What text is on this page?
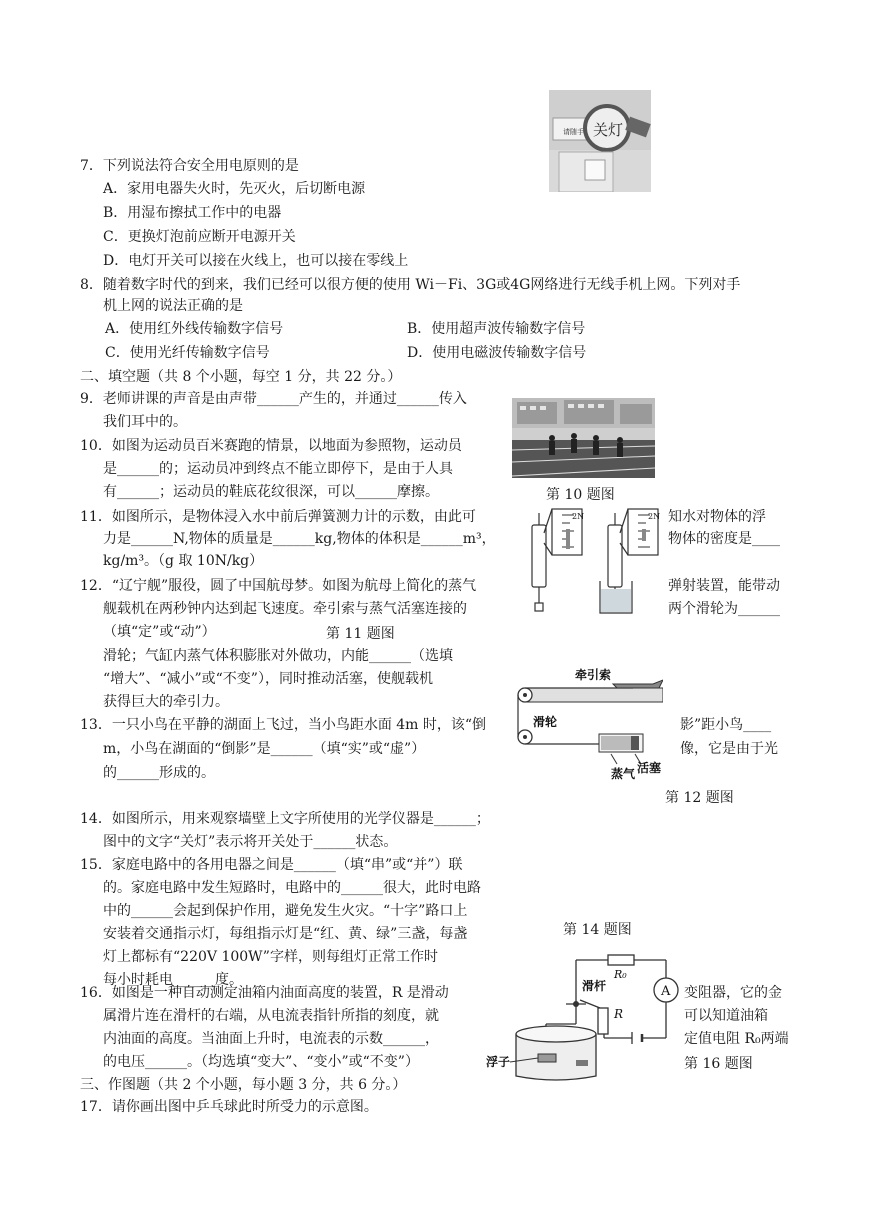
请随手 关灯
7．下列说法符合安全用电原则的是
A．家用电器失火时，先灭火，后切断电源
B．用湿布擦拭工作中的电器
C．更换灯泡前应断开电源开关
D．电灯开关可以接在火线上，也可以接在零线上
8．随着数字时代的到来，我们已经可以很方便的使用 Wi－Fi、3G或4G网络进行无线手机上网。下列对手
机上网的说法正确的是
A．使用红外线传输数字信号	B．使用超声波传输数字信号
C．使用光纤传输数字信号	D．使用电磁波传输数字信号
二、填空题（共 8 个小题，每空 1 分，共 22 分。）
9．老师讲课的声音是由声带______产生的，并通过______传入
我们耳中的。
10．如图为运动员百米赛跑的情景，以地面为参照物，运动员
是______的；运动员冲到终点不能立即停下，是由于人具
有______；运动员的鞋底花纹很深，可以______摩擦。	第 10 题图
11．如图所示，是物体浸入水中前后弹簧测力计的示数，由此可	知水对物体的浮
力是______N,物体的质量是______kg,物体的体积是______m³，	物体的密度是____
kg/m³。（g 取 10N/kg）
2N	2N
12．“辽宁舰”服役，圆了中国航母梦。如图为航母上简化的蒸气	弹射装置，能带动
舰载机在两秒钟内达到起飞速度。牵引索与蒸气活塞连接的	两个滑轮为______
（填“定”或“动”）	第 11 题图
滑轮；气缸内蒸气体积膨胀对外做功，内能______（选填
“增大”、“减小”或“不变”），同时推动活塞，使舰载机
获得巨大的牵引力。
牵引索
滑轮
蒸气 活塞
13．一只小鸟在平静的湖面上飞过，当小鸟距水面 4m 时，该“倒	影”距小鸟____
m，小鸟在湖面的“倒影”是______（填“实”或“虚”）	像，它是由于光
的______形成的。
第 12 题图
14．如图所示，用来观察墙壁上文字所使用的光学仪器是______；
图中的文字“关灯”表示将开关处于______状态。
15．家庭电路中的各用电器之间是______（填“串”或“并”）联
的。家庭电路中发生短路时，电路中的______很大，此时电路
中的______会起到保护作用，避免发生火灾。“十字”路口上
安装着交通指示灯，每组指示灯是“红、黄、绿”三盏，每盏	第 14 题图
灯上都标有“220V 100W”字样，则每组灯正常工作时
每小时耗电______度。	R₀
A
R
滑杆
浮子
16．如图是一种自动测定油箱内油面高度的装置，R 是滑动	变阻器，它的金
属滑片连在滑杆的右端，从电流表指针所指的刻度，就	可以知道油箱
内油面的高度。当油面上升时，电流表的示数______，	定值电阻 R₀两端
的电压______。（均选填“变大”、“变小”或“不变”）	第 16 题图
三、作图题（共 2 个小题，每小题 3 分，共 6 分。）
17．请你画出图中乒乓球此时所受力的示意图。
